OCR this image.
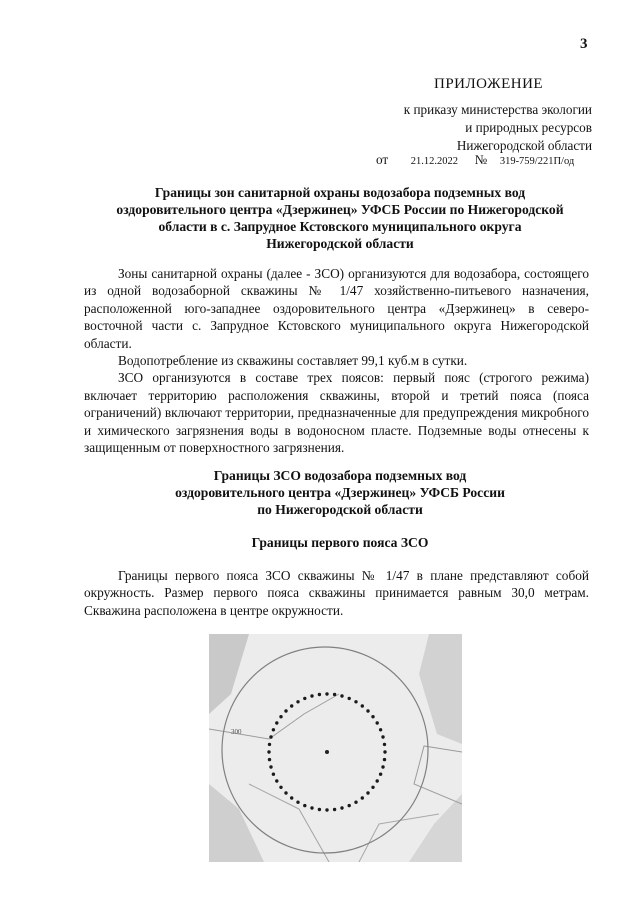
3
ПРИЛОЖЕНИЕ
к приказу министерства экологии
и природных ресурсов
Нижегородской области
от 21.12.2022 № 319-759/221П/од
Границы зон санитарной охраны водозабора подземных вод
оздоровительного центра «Дзержинец» УФСБ России по Нижегородской
области в с. Запрудное Кстовского муниципального округа
Нижегородской области

Зоны санитарной охраны (далее - ЗСО) организуются для водозабора, состоящего из одной водозаборной скважины № 1/47 хозяйственно-питьевого назначения, расположенной юго-западнее оздоровительного центра «Дзержинец» в северо-восточной части с. Запрудное Кстовского муниципального округа Нижегородской области.

Водопотребление из скважины составляет 99,1 куб.м в сутки.

ЗСО организуются в составе трех поясов: первый пояс (строгого режима) включает территорию расположения скважины, второй и третий пояса (пояса ограничений) включают территории, предназначенные для предупреждения микробного и химического загрязнения воды в водоносном пласте. Подземные воды отнесены к защищенным от поверхностного загрязнения.

Границы ЗСО водозабора подземных вод
оздоровительного центра «Дзержинец» УФСБ России
по Нижегородской области
Границы первого пояса ЗСО

Границы первого пояса ЗСО скважины № 1/47 в плане представляют собой окружность. Размер первого пояса скважины принимается равным 30,0 метрам. Скважина расположена в центре окружности.

300
